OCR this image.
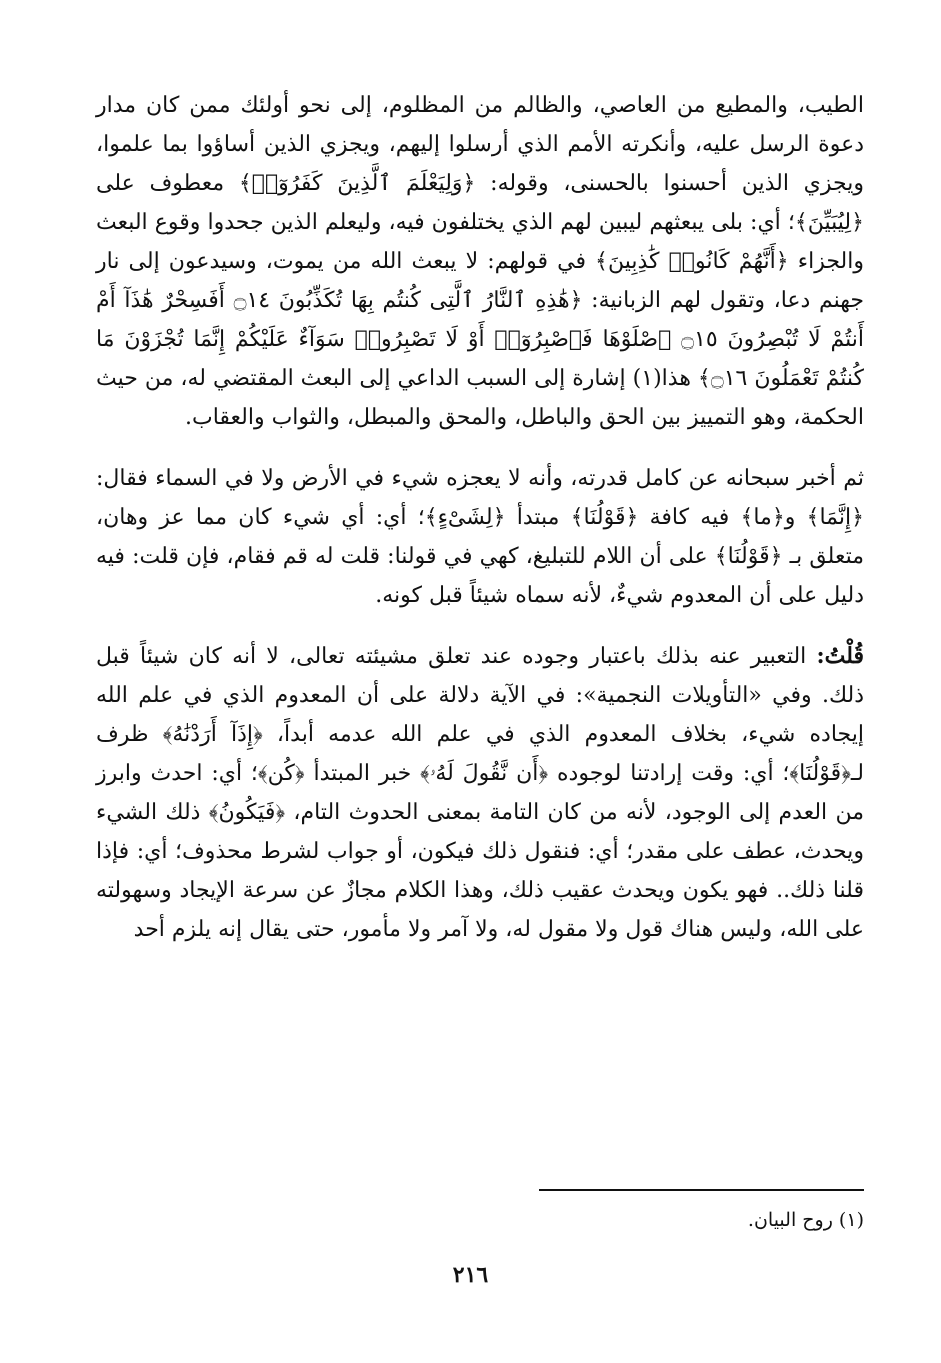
الطيب، والمطيع من العاصي، والظالم من المظلوم، إلى نحو أولئك ممن كان مدار دعوة الرسل عليه، وأنكرته الأمم الذي أرسلوا إليهم، ويجزي الذين أساؤوا بما علموا، ويجزي الذين أحسنوا بالحسنى، وقوله: ﴿وَلِيَعْلَمَ ٱلَّذِينَ كَفَرُوٓا۟﴾ معطوف على ﴿لِيُبَيِّنَ﴾؛ أي: بلى يبعثهم ليبين لهم الذي يختلفون فيه، وليعلم الذين جحدوا وقوع البعث والجزاء ﴿أَنَّهُمْ كَانُوا۟ كَٰذِبِينَ﴾ في قولهم: لا يبعث الله من يموت، وسيدعون إلى نار جهنم دعا، وتقول لهم الزبانية: ﴿هَٰذِهِ ٱلنَّارُ ٱلَّتِى كُنتُم بِهَا تُكَذِّبُونَ ۝١٤ أَفَسِحْرٌ هَٰذَآ أَمْ أَنتُمْ لَا تُبْصِرُونَ ۝١٥ ٱصْلَوْهَا فَٱصْبِرُوٓا۟ أَوْ لَا تَصْبِرُوا۟ سَوَآءٌ عَلَيْكُمْ إِنَّمَا تُجْزَوْنَ مَا كُنتُمْ تَعْمَلُونَ ۝١٦﴾ هذا(١) إشارة إلى السبب الداعي إلى البعث المقتضي له، من حيث الحكمة، وهو التمييز بين الحق والباطل، والمحق والمبطل، والثواب والعقاب.

ثم أخبر سبحانه عن كامل قدرته، وأنه لا يعجزه شيء في الأرض ولا في السماء فقال: ﴿إِنَّمَا﴾ و﴿ما﴾ فيه كافة ﴿قَوْلُنَا﴾ مبتدأ ﴿لِشَىْءٍ﴾؛ أي: أي شيء كان مما عز وهان، متعلق بـ ﴿قَوْلُنَا﴾ على أن اللام للتبليغ، كهي في قولنا: قلت له قم فقام، فإن قلت: فيه دليل على أن المعدوم شيءٌ، لأنه سماه شيئاً قبل كونه.

قُلْتُ: التعبير عنه بذلك باعتبار وجوده عند تعلق مشيئته تعالى، لا أنه كان شيئاً قبل ذلك. وفي «التأويلات النجمية»: في الآية دلالة على أن المعدوم الذي في علم الله إيجاده شيء، بخلاف المعدوم الذي في علم الله عدمه أبداً، ﴿إِذَآ أَرَدْنَٰهُ﴾ ظرف لـ﴿قَوْلُنَا﴾؛ أي: وقت إرادتنا لوجوده ﴿أَن نَّقُولَ لَهُۥ﴾ خبر المبتدأ ﴿كُن﴾؛ أي: احدث وابرز من العدم إلى الوجود، لأنه من كان التامة بمعنى الحدوث التام، ﴿فَيَكُونُ﴾ ذلك الشيء ويحدث، عطف على مقدر؛ أي: فنقول ذلك فيكون، أو جواب لشرط محذوف؛ أي: فإذا قلنا ذلك.. فهو يكون ويحدث عقيب ذلك، وهذا الكلام مجازٌ عن سرعة الإيجاد وسهولته على الله، وليس هناك قول ولا مقول له، ولا آمر ولا مأمور، حتى يقال إنه يلزم أحد

(١) روح البيان.
٢١٦
